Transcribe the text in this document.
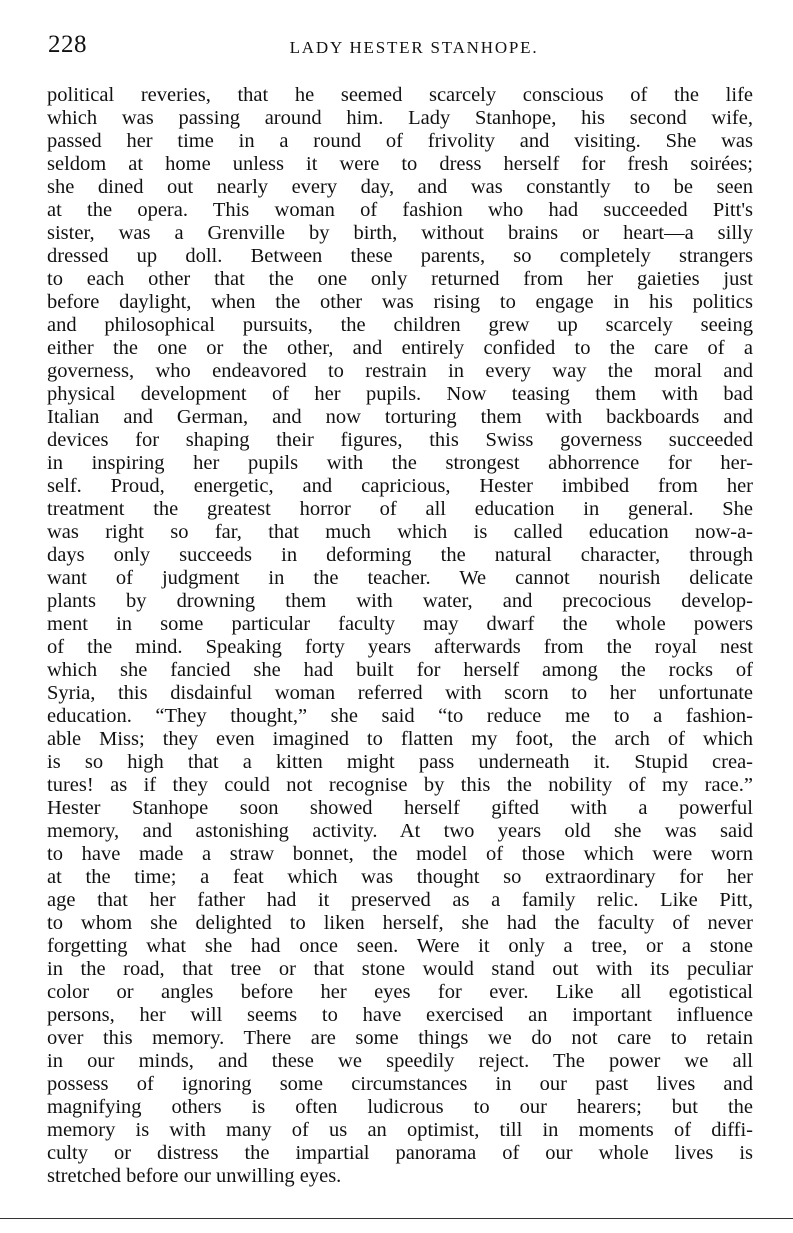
228	LADY HESTER STANHOPE.
political reveries, that he seemed scarcely conscious of the life
which was passing around him. Lady Stanhope, his second wife,
passed her time in a round of frivolity and visiting. She was
seldom at home unless it were to dress herself for fresh soirées;
she dined out nearly every day, and was constantly to be seen
at the opera. This woman of fashion who had succeeded Pitt's
sister, was a Grenville by birth, without brains or heart—a silly
dressed up doll. Between these parents, so completely strangers
to each other that the one only returned from her gaieties just
before daylight, when the other was rising to engage in his politics
and philosophical pursuits, the children grew up scarcely seeing
either the one or the other, and entirely confided to the care of a
governess, who endeavored to restrain in every way the moral and
physical development of her pupils. Now teasing them with bad
Italian and German, and now torturing them with backboards and
devices for shaping their figures, this Swiss governess succeeded
in inspiring her pupils with the strongest abhorrence for her-
self. Proud, energetic, and capricious, Hester imbibed from her
treatment the greatest horror of all education in general. She
was right so far, that much which is called education now-a-
days only succeeds in deforming the natural character, through
want of judgment in the teacher. We cannot nourish delicate
plants by drowning them with water, and precocious develop-
ment in some particular faculty may dwarf the whole powers
of the mind. Speaking forty years afterwards from the royal nest
which she fancied she had built for herself among the rocks of
Syria, this disdainful woman referred with scorn to her unfortunate
education. “They thought,” she said “to reduce me to a fashion-
able Miss; they even imagined to flatten my foot, the arch of which
is so high that a kitten might pass underneath it. Stupid crea-
tures! as if they could not recognise by this the nobility of my race.”
Hester Stanhope soon showed herself gifted with a powerful
memory, and astonishing activity. At two years old she was said
to have made a straw bonnet, the model of those which were worn
at the time; a feat which was thought so extraordinary for her
age that her father had it preserved as a family relic. Like Pitt,
to whom she delighted to liken herself, she had the faculty of never
forgetting what she had once seen. Were it only a tree, or a stone
in the road, that tree or that stone would stand out with its peculiar
color or angles before her eyes for ever. Like all egotistical
persons, her will seems to have exercised an important influence
over this memory. There are some things we do not care to retain
in our minds, and these we speedily reject. The power we all
possess of ignoring some circumstances in our past lives and
magnifying others is often ludicrous to our hearers; but the
memory is with many of us an optimist, till in moments of diffi-
culty or distress the impartial panorama of our whole lives is
stretched before our unwilling eyes.
